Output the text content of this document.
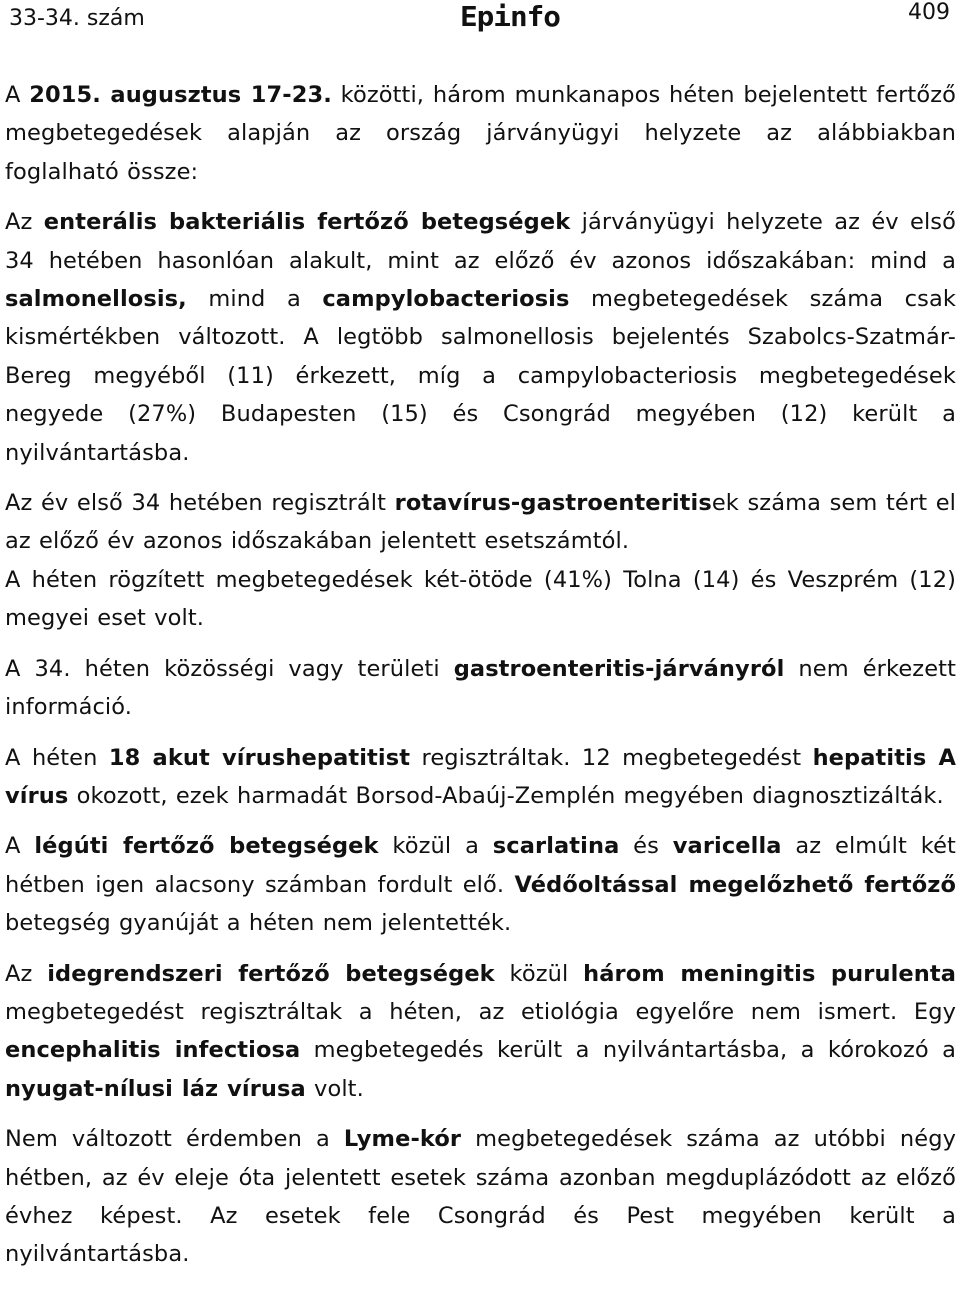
33-34. szám	Epinfo	409

A 2015. augusztus 17-23. közötti, három munkanapos héten bejelentett fertőző megbetegedések alapján az ország járványügyi helyzete az alábbiakban foglalható össze:

Az enterális bakteriális fertőző betegségek járványügyi helyzete az év első 34 hetében hasonlóan alakult, mint az előző év azonos időszakában: mind a salmonellosis, mind a campylobacteriosis megbetegedések száma csak kismértékben változott. A legtöbb salmonellosis bejelentés Szabolcs-Szatmár-Bereg megyéből (11) érkezett, míg a campylobacteriosis megbetegedések negyede (27%) Budapesten (15) és Csongrád megyében (12) került a nyilvántartásba.

Az év első 34 hetében regisztrált rotavírus-gastroenteritisek száma sem tért el az előző év azonos időszakában jelentett esetszámtól.

A héten rögzített megbetegedések két-ötöde (41%) Tolna (14) és Veszprém (12) megyei eset volt.

A 34. héten közösségi vagy területi gastroenteritis-járványról nem érkezett információ.

A héten 18 akut vírushepatitist regisztráltak. 12 megbetegedést hepatitis A vírus okozott, ezek harmadát Borsod-Abaúj-Zemplén megyében diagnosztizálták.

A légúti fertőző betegségek közül a scarlatina és varicella az elmúlt két hétben igen alacsony számban fordult elő. Védőoltással megelőzhető fertőző betegség gyanúját a héten nem jelentették.

Az idegrendszeri fertőző betegségek közül három meningitis purulenta megbetegedést regisztráltak a héten, az etiológia egyelőre nem ismert. Egy encephalitis infectiosa megbetegedés került a nyilvántartásba, a kórokozó a nyugat-nílusi láz vírusa volt.

Nem változott érdemben a Lyme-kór megbetegedések száma az utóbbi négy hétben, az év eleje óta jelentett esetek száma azonban megduplázódott az előző évhez képest. Az esetek fele Csongrád és Pest megyében került a nyilvántartásba.
